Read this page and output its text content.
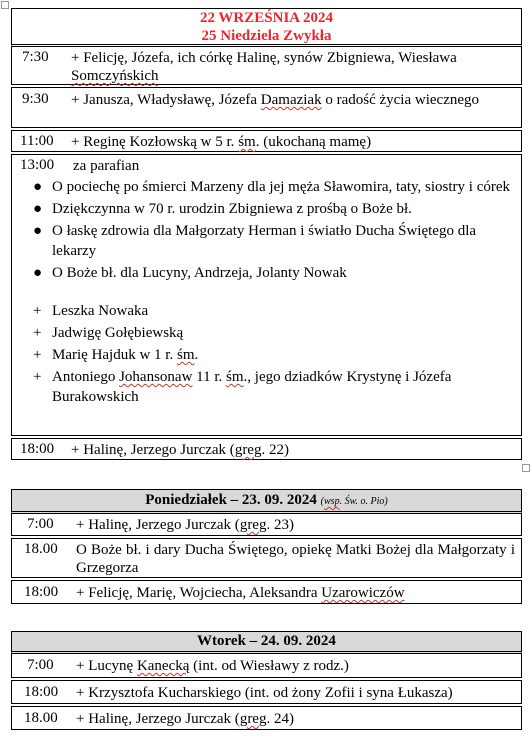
22 WRZEŚNIA 2024
25 Niedziela Zwykła
7:30 + Felicję, Józefa, ich córkę Halinę, synów Zbigniewa, Wiesława Somczyńskich
9:30 + Janusza, Władysławę, Józefa Damaziak o radość życia wiecznego
11:00 + Reginę Kozłowską w 5 r. śm. (ukochaną mamę)
13:00 za parafian
● O pociechę po śmierci Marzeny dla jej męża Sławomira, taty, siostry i córek
● Dziękczynna w 70 r. urodzin Zbigniewa z prośbą o Boże bł.
● O łaskę zdrowia dla Małgorzaty Herman i światło Ducha Świętego dla lekarzy
● O Boże bł. dla Lucyny, Andrzeja, Jolanty Nowak
+ Leszka Nowaka
+ Jadwigę Gołębiewską
+ Marię Hajduk w 1 r. śm.
+ Antoniego Johansonaw 11 r. śm., jego dziadków Krystynę i Józefa Burakowskich
18:00 + Halinę, Jerzego Jurczak (greg. 22)
Poniedziałek – 23. 09. 2024 (wsp. Św. o. Pio)
7:00 + Halinę, Jerzego Jurczak (greg. 23)
18.00 O Boże bł. i dary Ducha Świętego, opiekę Matki Bożej dla Małgorzaty i Grzegorza
18:00 + Felicję, Marię, Wojciecha, Aleksandra Uzarowiczów
Wtorek – 24. 09. 2024
7:00 + Lucynę Kanecką (int. od Wiesławy z rodz.)
18:00 + Krzysztofa Kucharskiego (int. od żony Zofii i syna Łukasza)
18.00 + Halinę, Jerzego Jurczak (greg. 24)
